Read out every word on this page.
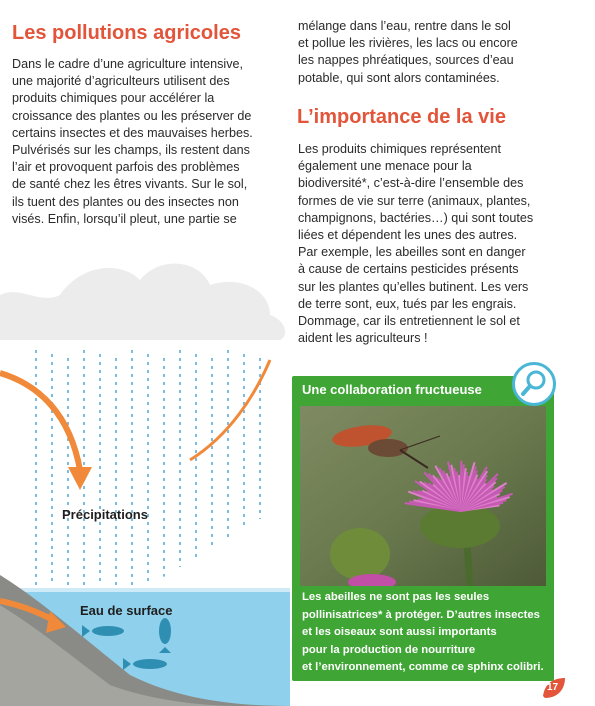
Les pollutions agricoles

Dans le cadre d’une agriculture intensive,
une majorité d’agriculteurs utilisent des
produits chimiques pour accélérer la
croissance des plantes ou les préserver de
certains insectes et des mauvaises herbes.
Pulvérisés sur les champs, ils restent dans
l’air et provoquent parfois des problèmes
de santé chez les êtres vivants. Sur le sol,
ils tuent des plantes ou des insectes non
visés. Enfin, lorsqu’il pleut, une partie se

mélange dans l’eau, rentre dans le sol
et pollue les rivières, les lacs ou encore
les nappes phréatiques, sources d’eau
potable, qui sont alors contaminées.

L’importance de la vie

Les produits chimiques représentent
également une menace pour la
biodiversité*, c’est-à-dire l’ensemble des
formes de vie sur terre (animaux, plantes,
champignons, bactéries…) qui sont toutes
liées et dépendent les unes des autres.
Par exemple, les abeilles sont en danger
à cause de certains pesticides présents
sur les plantes qu’elles butinent. Les vers
de terre sont, eux, tués par les engrais.
Dommage, car ils entretiennent le sol et
aident les agriculteurs !

Précipitations
Eau de surface
Une collaboration fructueuse
Les abeilles ne sont pas les seules
pollinisatrices* à protéger. D’autres insectes
et les oiseaux sont aussi importants
pour la production de nourriture
et l’environnement, comme ce sphinx colibri.
17
